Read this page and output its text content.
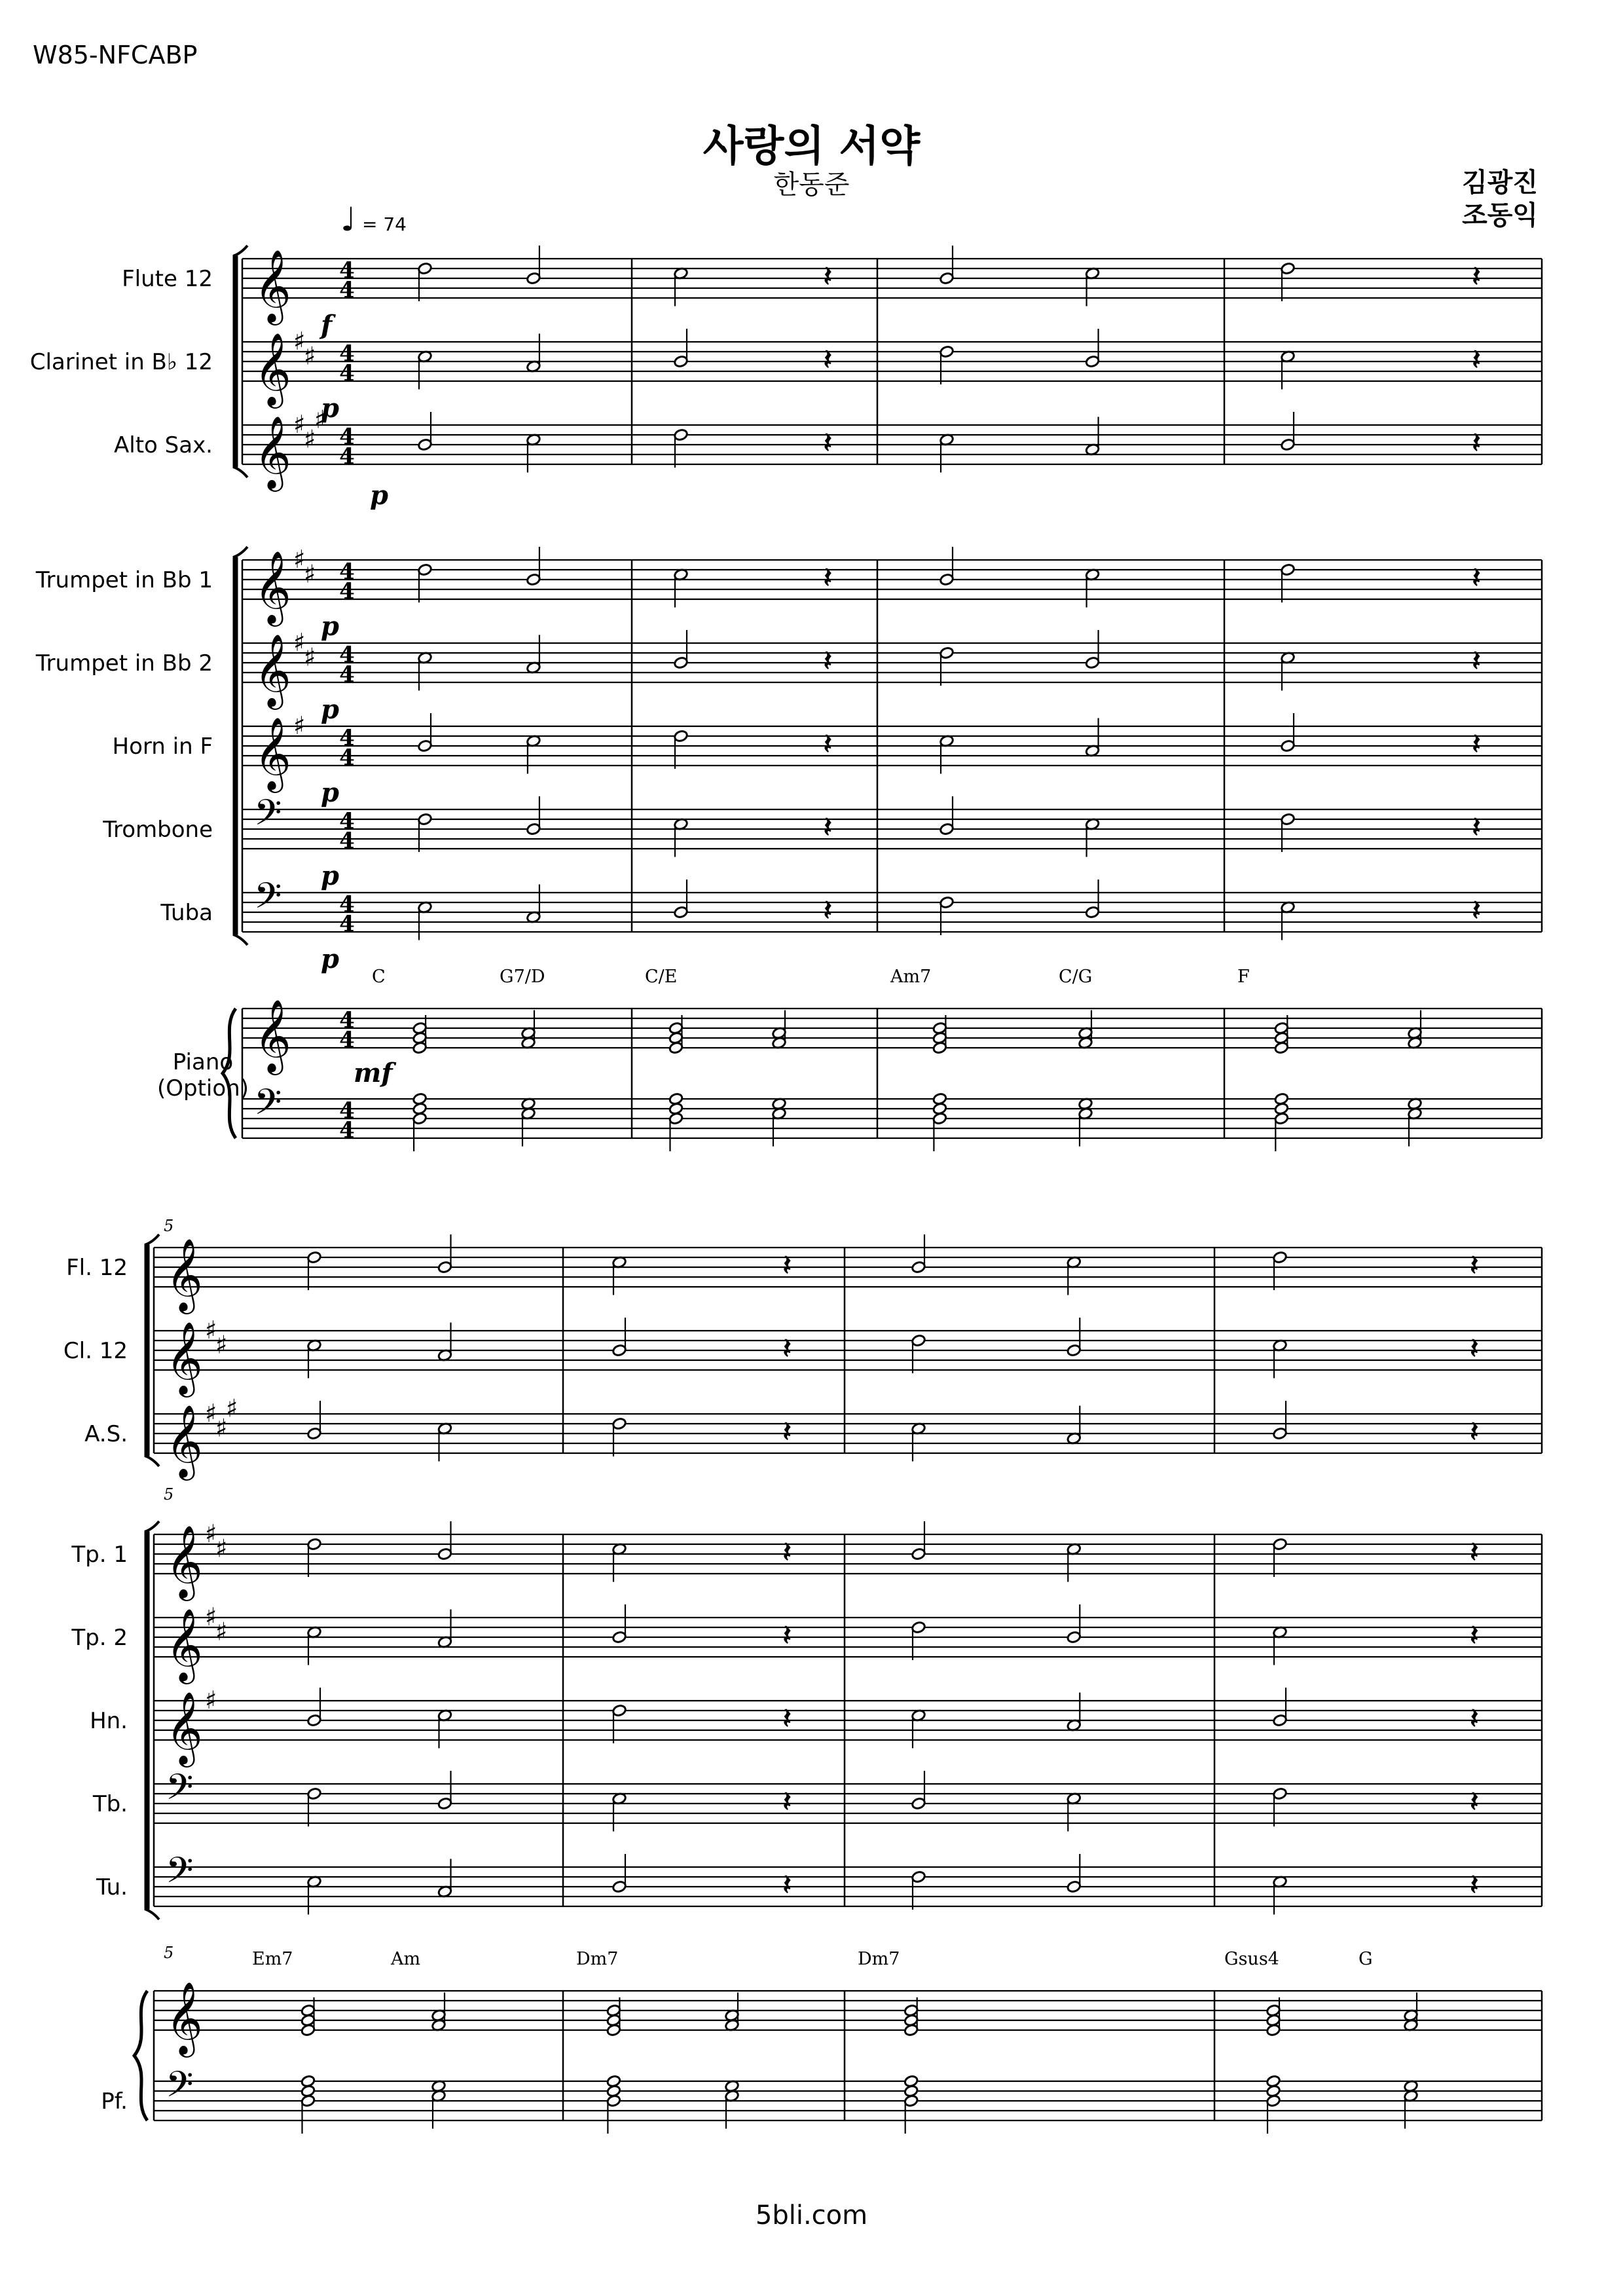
W85-NFCABP
사랑의 서약
한동준	김광진
조동익
𝄞
𝄞
𝄞
𝄞
𝄞
𝄞
𝄢
𝄢
𝄞
𝄢
𝄞
𝄞
𝄞
𝄞
𝄞
𝄞
𝄢
𝄢
𝄞
𝄢
♯
♯
♯
♯
♯
♯
♯
♯
♯
♯
♯
♯
♯
♯
♯
♯
♯
♯
♯
♯
4
4
4
4
4
4
4
4
4
4
4
4
4
4
4
4
4
4
4
4
𝄽	𝄽
𝄽	𝄽
𝄽	𝄽
𝄽	𝄽
𝄽	𝄽
𝄽	𝄽
𝄽	𝄽
𝄽	𝄽
𝄽	𝄽
𝄽	𝄽
𝄽	𝄽
𝄽	𝄽
𝄽	𝄽
𝄽	𝄽
𝄽	𝄽
𝄽	𝄽
Flute 12
Clarinet in B♭ 12
Alto Sax.
Trumpet in Bb 1
Trumpet in Bb 2
Horn in F
Trombone
Tuba
Fl. 12
Cl. 12
A.S.
Tp. 1
Tp. 2
Hn.
Tb.
Tu.
f
p
p
p
p
p
p
p
mf
C	G7/D	C/E	Am7	C/G	F
Em7	Am	Dm7	Dm7	Gsus4	G
♩ = 74
5
5
5
Piano
(Option)
Pf.
5bli.com
